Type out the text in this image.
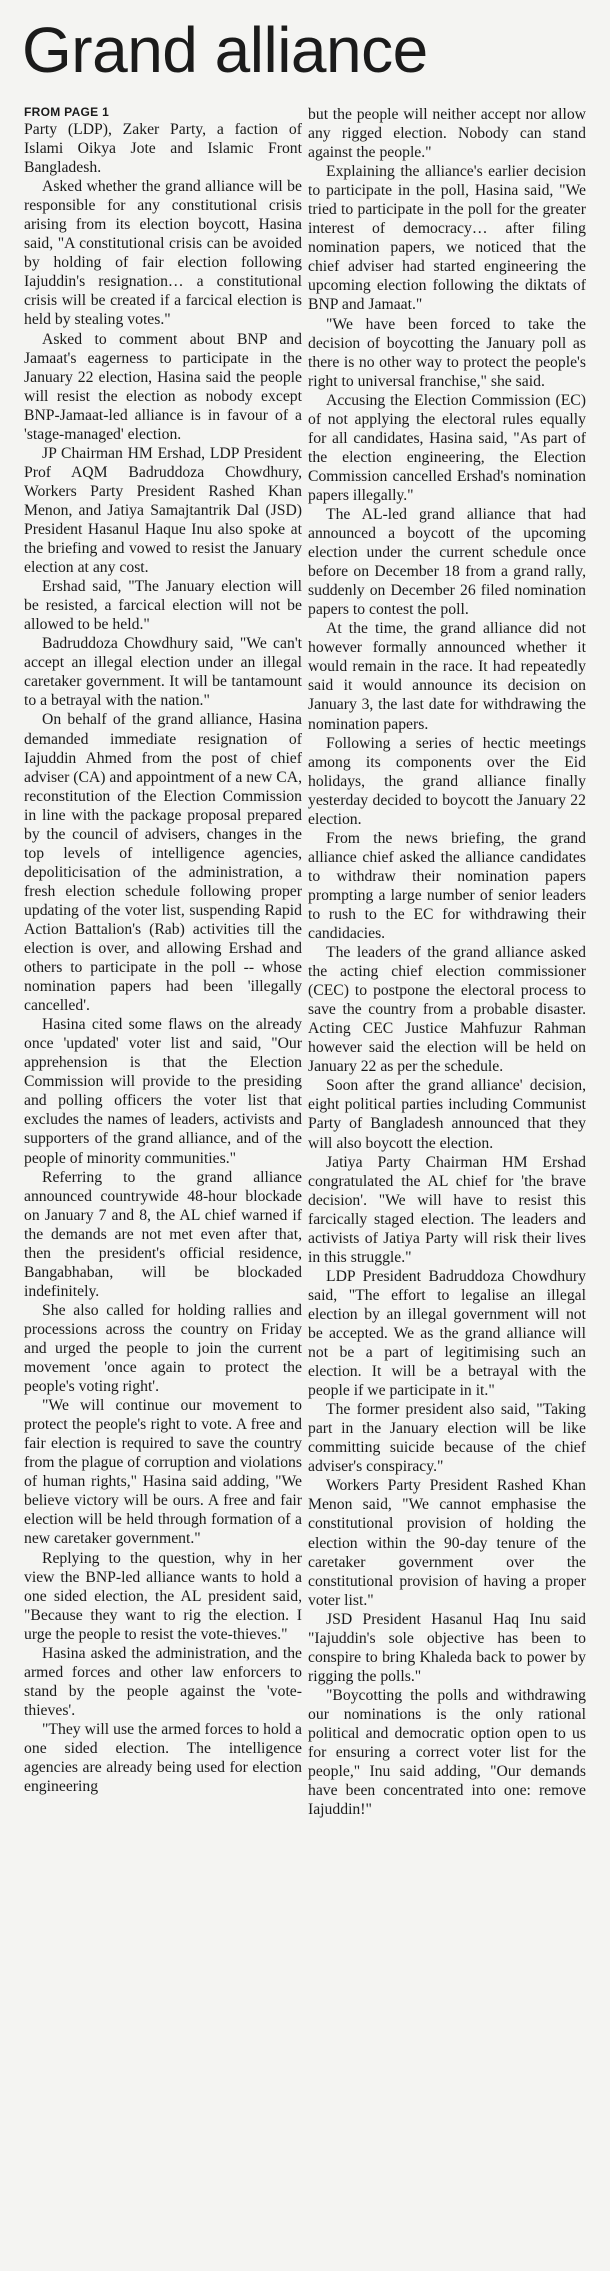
Grand alliance
FROM PAGE 1

Party (LDP), Zaker Party, a faction of Islami Oikya Jote and Islamic Front Bangladesh.

Asked whether the grand alliance will be responsible for any constitutional crisis arising from its election boycott, Hasina said, "A constitutional crisis can be avoided by holding of fair election following Iajuddin's resignation… a constitutional crisis will be created if a farcical election is held by stealing votes."

Asked to comment about BNP and Jamaat's eagerness to participate in the January 22 election, Hasina said the people will resist the election as nobody except BNP-Jamaat-led alliance is in favour of a 'stage-managed' election.

JP Chairman HM Ershad, LDP President Prof AQM Badruddoza Chowdhury, Workers Party President Rashed Khan Menon, and Jatiya Samajtantrik Dal (JSD) President Hasanul Haque Inu also spoke at the briefing and vowed to resist the January election at any cost.

Ershad said, "The January election will be resisted, a farcical election will not be allowed to be held."

Badruddoza Chowdhury said, "We can't accept an illegal election under an illegal caretaker government. It will be tantamount to a betrayal with the nation."

On behalf of the grand alliance, Hasina demanded immediate resignation of Iajuddin Ahmed from the post of chief adviser (CA) and appointment of a new CA, reconstitution of the Election Commission in line with the package proposal prepared by the council of advisers, changes in the top levels of intelligence agencies, depoliticisation of the administration, a fresh election schedule following proper updating of the voter list, suspending Rapid Action Battalion's (Rab) activities till the election is over, and allowing Ershad and others to participate in the poll -- whose nomination papers had been 'illegally cancelled'.

Hasina cited some flaws on the already once 'updated' voter list and said, "Our apprehension is that the Election Commission will provide to the presiding and polling officers the voter list that excludes the names of leaders, activists and supporters of the grand alliance, and of the people of minority communities."

Referring to the grand alliance announced countrywide 48-hour blockade on January 7 and 8, the AL chief warned if the demands are not met even after that, then the president's official residence, Bangabhaban, will be blockaded indefinitely.

She also called for holding rallies and processions across the country on Friday and urged the people to join the current movement 'once again to protect the people's voting right'.

"We will continue our movement to protect the people's right to vote. A free and fair election is required to save the country from the plague of corruption and violations of human rights," Hasina said adding, "We believe victory will be ours. A free and fair election will be held through formation of a new caretaker government."

Replying to the question, why in her view the BNP-led alliance wants to hold a one sided election, the AL president said, "Because they want to rig the election. I urge the people to resist the vote-thieves."

Hasina asked the administration, and the armed forces and other law enforcers to stand by the people against the 'vote-thieves'.

"They will use the armed forces to hold a one sided election. The intelligence agencies are already being used for election engineering

but the people will neither accept nor allow any rigged election. Nobody can stand against the people."

Explaining the alliance's earlier decision to participate in the poll, Hasina said, "We tried to participate in the poll for the greater interest of democracy… after filing nomination papers, we noticed that the chief adviser had started engineering the upcoming election following the diktats of BNP and Jamaat."

"We have been forced to take the decision of boycotting the January poll as there is no other way to protect the people's right to universal franchise," she said.

Accusing the Election Commission (EC) of not applying the electoral rules equally for all candidates, Hasina said, "As part of the election engineering, the Election Commission cancelled Ershad's nomination papers illegally."

The AL-led grand alliance that had announced a boycott of the upcoming election under the current schedule once before on December 18 from a grand rally, suddenly on December 26 filed nomination papers to contest the poll.

At the time, the grand alliance did not however formally announced whether it would remain in the race. It had repeatedly said it would announce its decision on January 3, the last date for withdrawing the nomination papers.

Following a series of hectic meetings among its components over the Eid holidays, the grand alliance finally yesterday decided to boycott the January 22 election.

From the news briefing, the grand alliance chief asked the alliance candidates to withdraw their nomination papers prompting a large number of senior leaders to rush to the EC for withdrawing their candidacies.

The leaders of the grand alliance asked the acting chief election commissioner (CEC) to postpone the electoral process to save the country from a probable disaster. Acting CEC Justice Mahfuzur Rahman however said the election will be held on January 22 as per the schedule.

Soon after the grand alliance' decision, eight political parties including Communist Party of Bangladesh announced that they will also boycott the election.

Jatiya Party Chairman HM Ershad congratulated the AL chief for 'the brave decision'. "We will have to resist this farcically staged election. The leaders and activists of Jatiya Party will risk their lives in this struggle."

LDP President Badruddoza Chowdhury said, "The effort to legalise an illegal election by an illegal government will not be accepted. We as the grand alliance will not be a part of legitimising such an election. It will be a betrayal with the people if we participate in it."

The former president also said, "Taking part in the January election will be like committing suicide because of the chief adviser's conspiracy."

Workers Party President Rashed Khan Menon said, "We cannot emphasise the constitutional provision of holding the election within the 90-day tenure of the caretaker government over the constitutional provision of having a proper voter list."

JSD President Hasanul Haq Inu said "Iajuddin's sole objective has been to conspire to bring Khaleda back to power by rigging the polls."

"Boycotting the polls and withdrawing our nominations is the only rational political and democratic option open to us for ensuring a correct voter list for the people," Inu said adding, "Our demands have been concentrated into one: remove Iajuddin!"
